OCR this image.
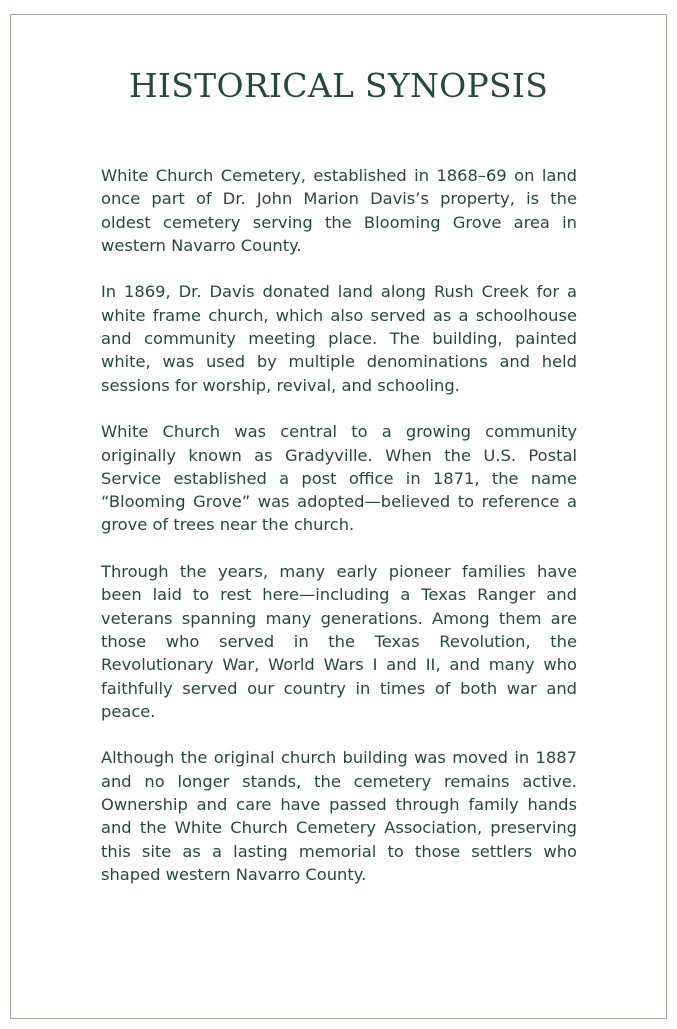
HISTORICAL SYNOPSIS

White Church Cemetery, established in 1868–69 on land once part of Dr. John Marion Davis’s property, is the oldest cemetery serving the Blooming Grove area in western Navarro County.

In 1869, Dr. Davis donated land along Rush Creek for a white frame church, which also served as a schoolhouse and community meeting place. The building, painted white, was used by multiple denominations and held sessions for worship, revival, and schooling.

White Church was central to a growing community originally known as Gradyville. When the U.S. Postal Service established a post office in 1871, the name “Blooming Grove” was adopted—believed to reference a grove of trees near the church.

Through the years, many early pioneer families have been laid to rest here—including a Texas Ranger and veterans spanning many generations. Among them are those who served in the Texas Revolution, the Revolutionary War, World Wars I and II, and many who faithfully served our country in times of both war and peace.

Although the original church building was moved in 1887 and no longer stands, the cemetery remains active. Ownership and care have passed through family hands and the White Church Cemetery Association, preserving this site as a lasting memorial to those settlers who shaped western Navarro County.
